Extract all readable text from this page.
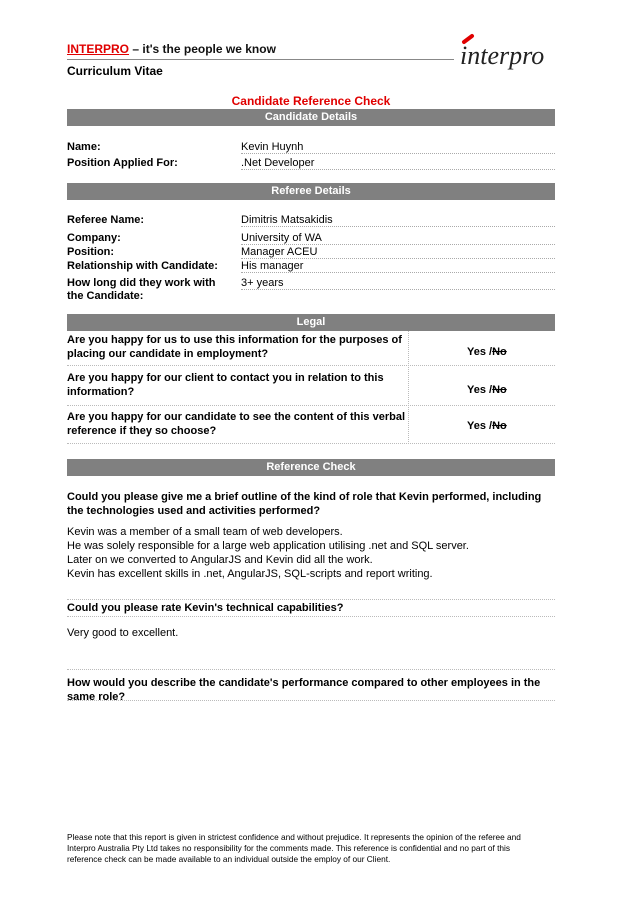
INTERPRO – it's the people we know
Curriculum Vitae
interpro
Candidate Reference Check
Candidate Details
Name:	Kevin Huynh
Position Applied For:	.Net Developer
Referee Details
Referee Name:	Dimitris Matsakidis
Company:	University of WA
Position:	Manager ACEU
Relationship with Candidate: His manager
How long did they work with
the Candidate:
3+ years
Legal
Are you happy for us to use this information for the purposes of
placing our candidate in employment?	Yes /No
Are you happy for our client to contact you in relation to this
information?	Yes /No
Are you happy for our candidate to see the content of this verbal
reference if they so choose?	Yes /No
Reference Check
Could you please give me a brief outline of the kind of role that Kevin performed, including
the technologies used and activities performed?
Kevin was a member of a small team of web developers.
He was solely responsible for a large web application utilising .net and SQL server.
Later on we converted to AngularJS and Kevin did all the work.
Kevin has excellent skills in .net, AngularJS, SQL-scripts and report writing.
Could you please rate Kevin's technical capabilities?
Very good to excellent.
How would you describe the candidate's performance compared to other employees in the
same role?
Please note that this report is given in strictest confidence and without prejudice. It represents the opinion of the referee and
Interpro Australia Pty Ltd takes no responsibility for the comments made. This reference is confidential and no part of this
reference check can be made available to an individual outside the employ of our Client.
